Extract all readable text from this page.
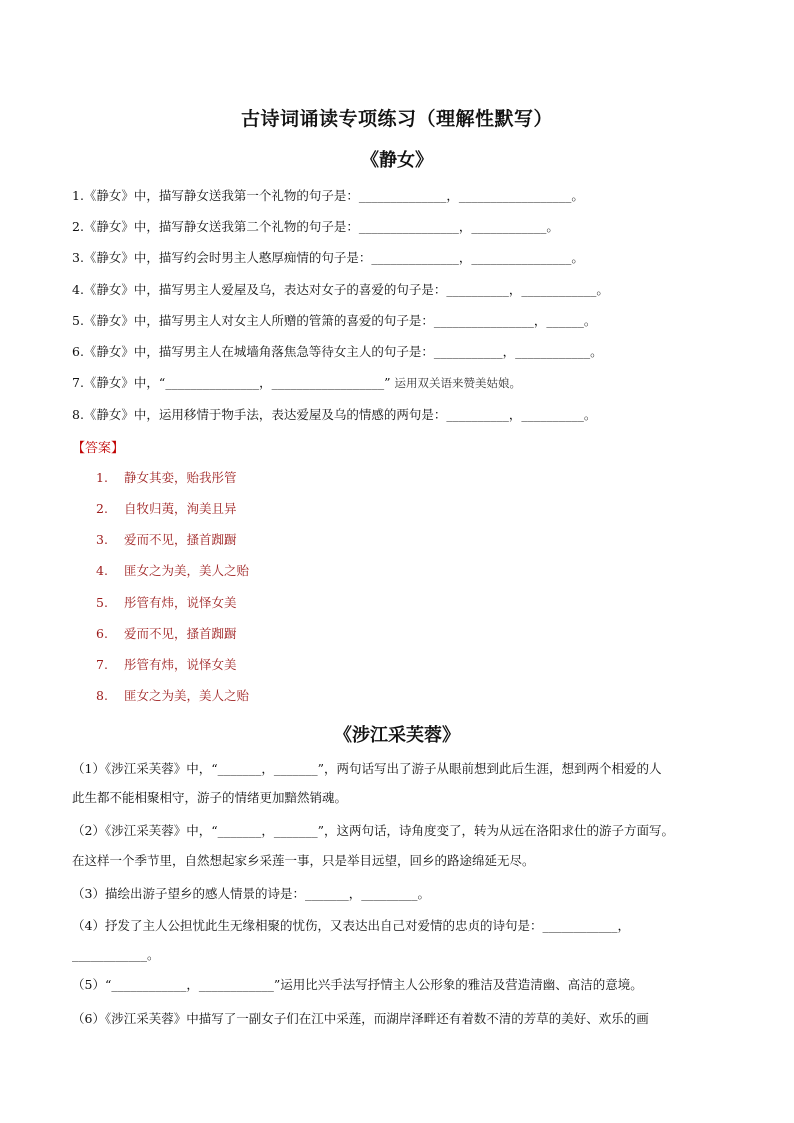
古诗词诵读专项练习（理解性默写）
《静女》
1.《静女》中，描写静女送我第一个礼物的句子是：______________，__________________。
2.《静女》中，描写静女送我第二个礼物的句子是：________________，____________。
3.《静女》中，描写约会时男主人憨厚痴情的句子是：______________，________________。
4.《静女》中，描写男主人爱屋及乌，表达对女子的喜爱的句子是：__________，____________。
5.《静女》中，描写男主人对女主人所赠的管箫的喜爱的句子是：________________，______。
6.《静女》中，描写男主人在城墙角落焦急等待女主人的句子是：___________，____________。
7.《静女》中，“_______________，__________________” 运用双关语来赞美姑娘。
8.《静女》中，运用移情于物手法，表达爱屋及乌的情感的两句是：__________，__________。
【答案】
1. 静女其娈，贻我彤管
2. 自牧归荑，洵美且异
3. 爱而不见，搔首踟蹰
4. 匪女之为美，美人之贻
5. 彤管有炜，说怿女美
6. 爱而不见，搔首踟蹰
7. 彤管有炜，说怿女美
8. 匪女之为美，美人之贻
《涉江采芙蓉》
（1）《涉江采芙蓉》中，“_______，_______”，两句话写出了游子从眼前想到此后生涯，想到两个相爱的人
此生都不能相聚相守，游子的情绪更加黯然销魂。
（2）《涉江采芙蓉》中，“_______，_______”，这两句话，诗角度变了，转为从远在洛阳求仕的游子方面写。
在这样一个季节里，自然想起家乡采莲一事，只是举目远望，回乡的路途绵延无尽。
（3）描绘出游子望乡的感人情景的诗是：_______，_________。
（4）抒发了主人公担忧此生无缘相聚的忧伤，又表达出自己对爱情的忠贞的诗句是：____________，
____________。
（5）“____________，____________”运用比兴手法写抒情主人公形象的雅洁及营造清幽、高洁的意境。
（6）《涉江采芙蓉》中描写了一副女子们在江中采莲，而湖岸泽畔还有着数不清的芳草的美好、欢乐的画
